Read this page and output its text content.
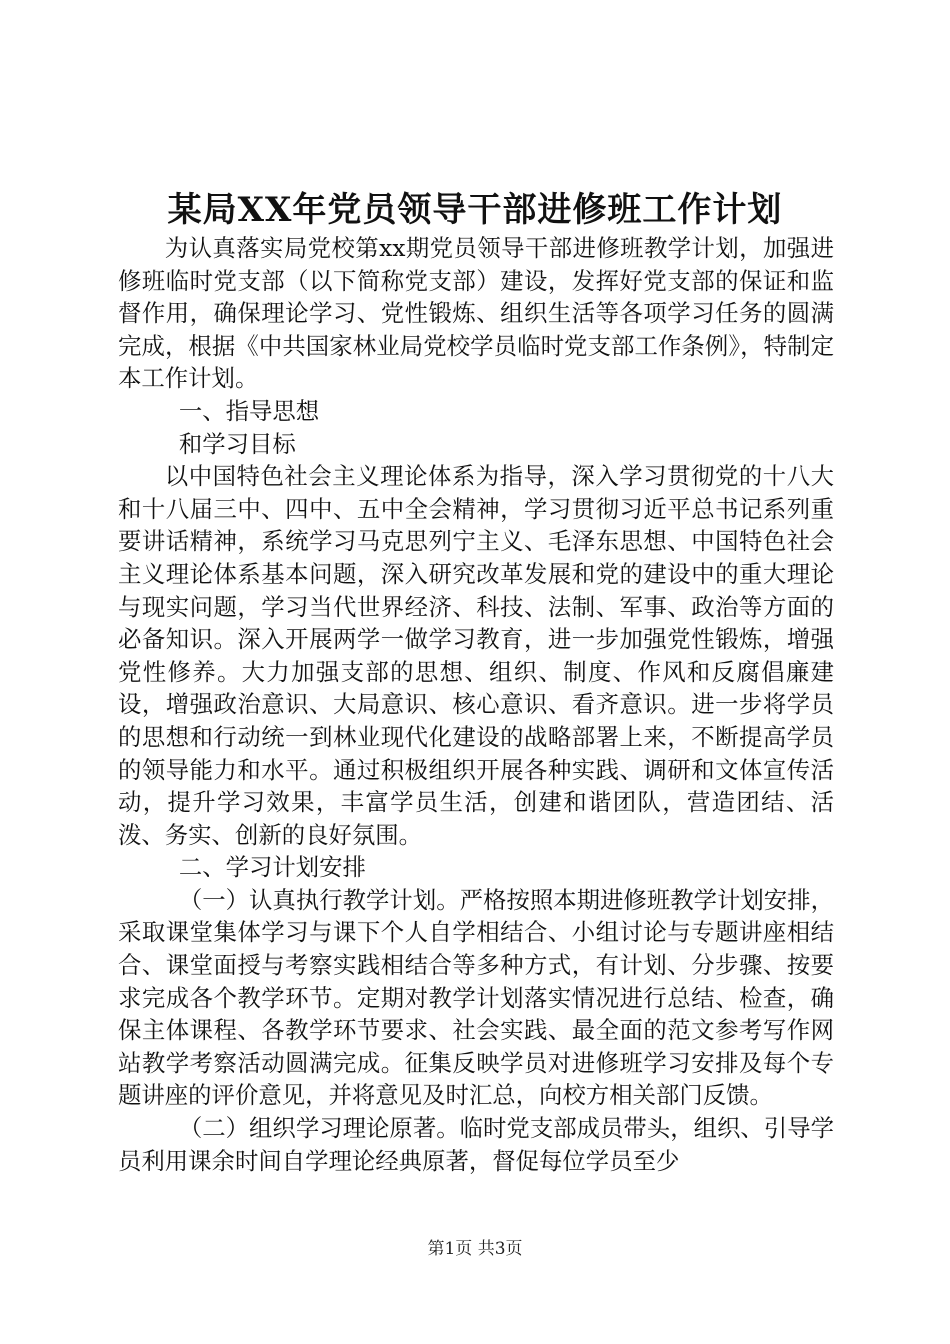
某局XX年党员领导干部进修班工作计划

为认真落实局党校第xx期党员领导干部进修班教学计划，加强进修班临时党支部（以下简称党支部）建设，发挥好党支部的保证和监督作用，确保理论学习、党性锻炼、组织生活等各项学习任务的圆满完成，根据《中共国家林业局党校学员临时党支部工作条例》，特制定本工作计划。

一、指导思想

和学习目标

以中国特色社会主义理论体系为指导，深入学习贯彻党的十八大和十八届三中、四中、五中全会精神，学习贯彻习近平总书记系列重要讲话精神，系统学习马克思列宁主义、毛泽东思想、中国特色社会主义理论体系基本问题，深入研究改革发展和党的建设中的重大理论与现实问题，学习当代世界经济、科技、法制、军事、政治等方面的必备知识。深入开展两学一做学习教育，进一步加强党性锻炼，增强党性修养。大力加强支部的思想、组织、制度、作风和反腐倡廉建设，增强政治意识、大局意识、核心意识、看齐意识。进一步将学员的思想和行动统一到林业现代化建设的战略部署上来，不断提高学员的领导能力和水平。通过积极组织开展各种实践、调研和文体宣传活动，提升学习效果，丰富学员生活，创建和谐团队，营造团结、活泼、务实、创新的良好氛围。

二、学习计划安排

（一）认真执行教学计划。严格按照本期进修班教学计划安排，采取课堂集体学习与课下个人自学相结合、小组讨论与专题讲座相结合、课堂面授与考察实践相结合等多种方式，有计划、分步骤、按要求完成各个教学环节。定期对教学计划落实情况进行总结、检查，确保主体课程、各教学环节要求、社会实践、最全面的范文参考写作网站教学考察活动圆满完成。征集反映学员对进修班学习安排及每个专题讲座的评价意见，并将意见及时汇总，向校方相关部门反馈。

（二）组织学习理论原著。临时党支部成员带头，组织、引导学员利用课余时间自学理论经典原著，督促每位学员至少

第1页 共3页
